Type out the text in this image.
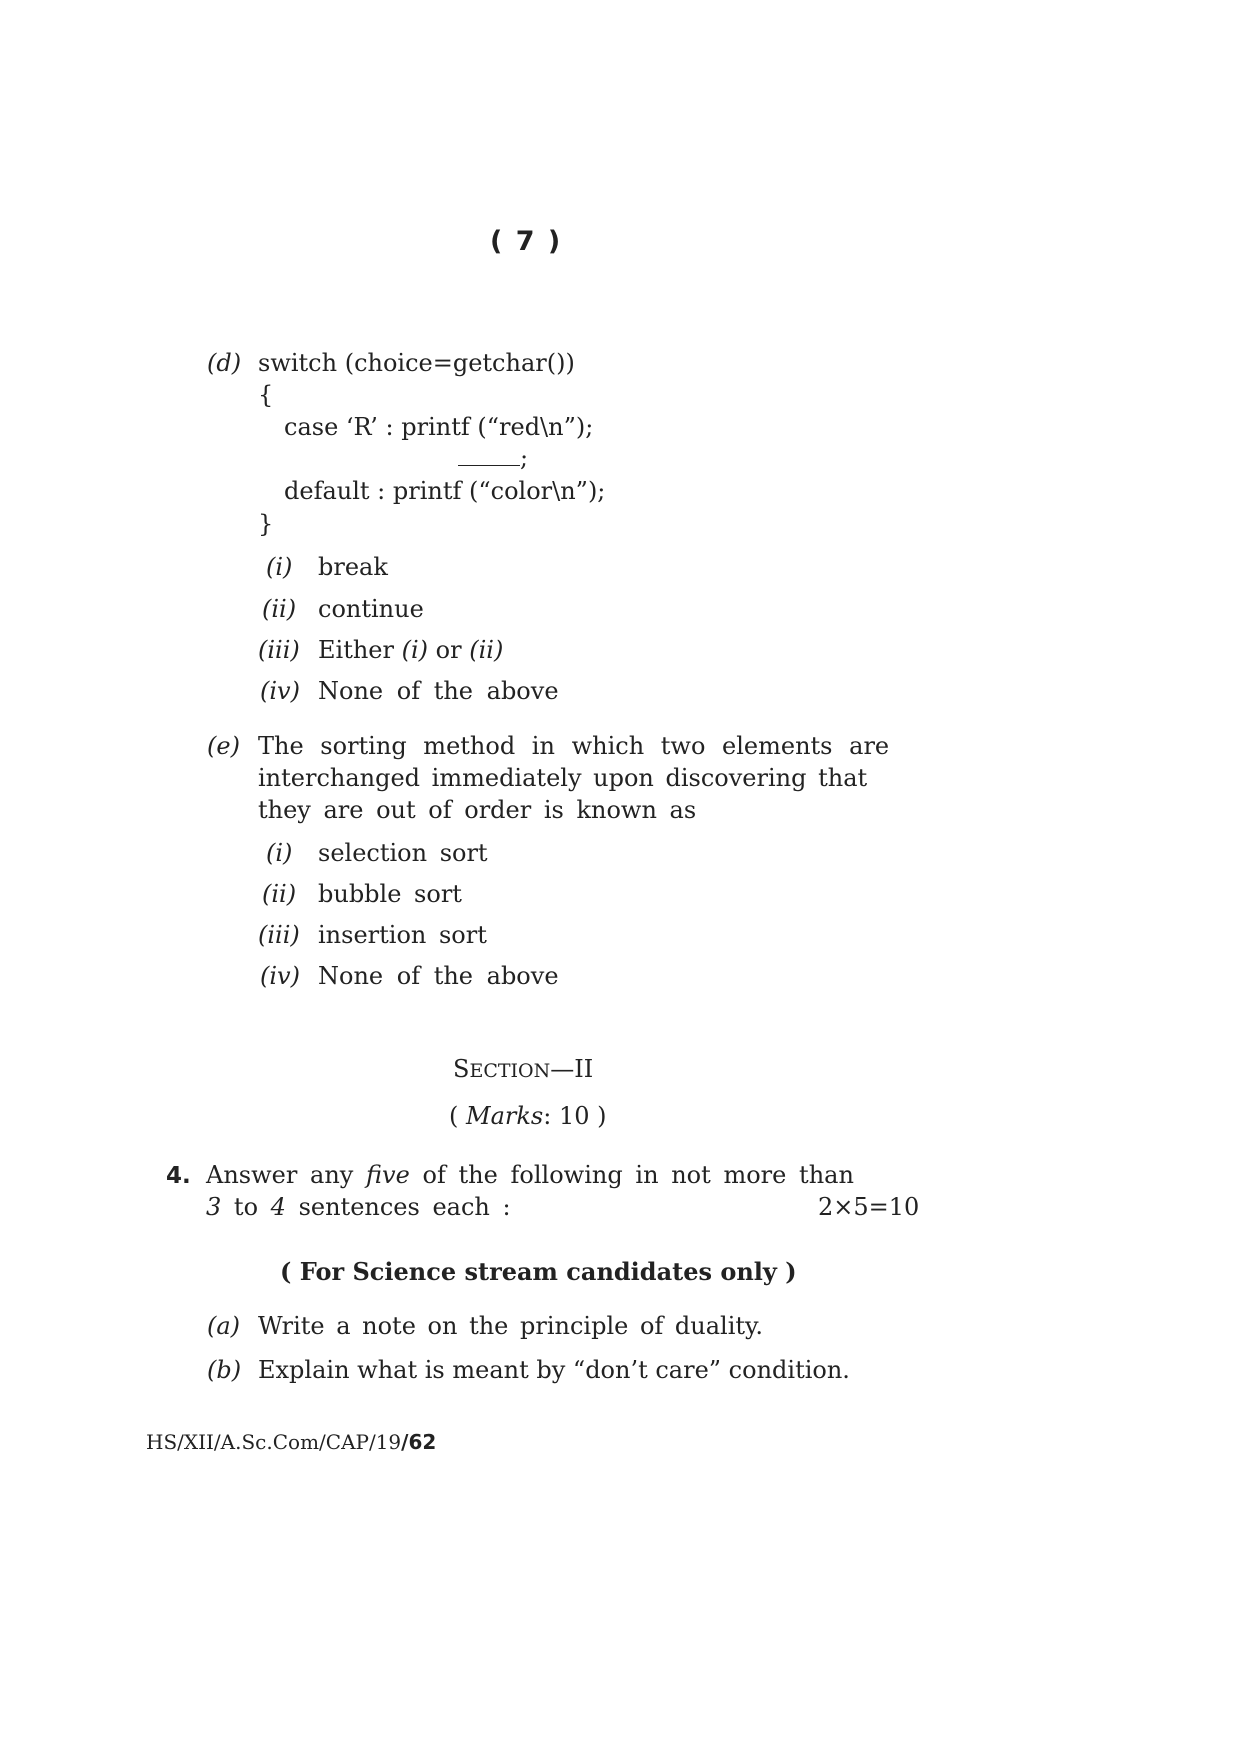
( 7 )
(d) switch (choice=getchar())
{
case ‘R’ : printf (“red\n”);
;
default : printf (“color\n”);
}
(i) break
(ii) continue
(iii) Either (i) or (ii)
(iv) None of the above
(e) The sorting method in which two elements are
interchanged immediately upon discovering that
they are out of order is known as
(i) selection sort
(ii) bubble sort
(iii) insertion sort
(iv) None of the above
SECTION—II
( Marks: 10 )
4. Answer any five of the following in not more than
3 to 4 sentences each :	2×5=10
( For Science stream candidates only )
(a) Write a note on the principle of duality.
(b) Explain what is meant by “don’t care” condition.
HS/XII/A.Sc.Com/CAP/19/62
